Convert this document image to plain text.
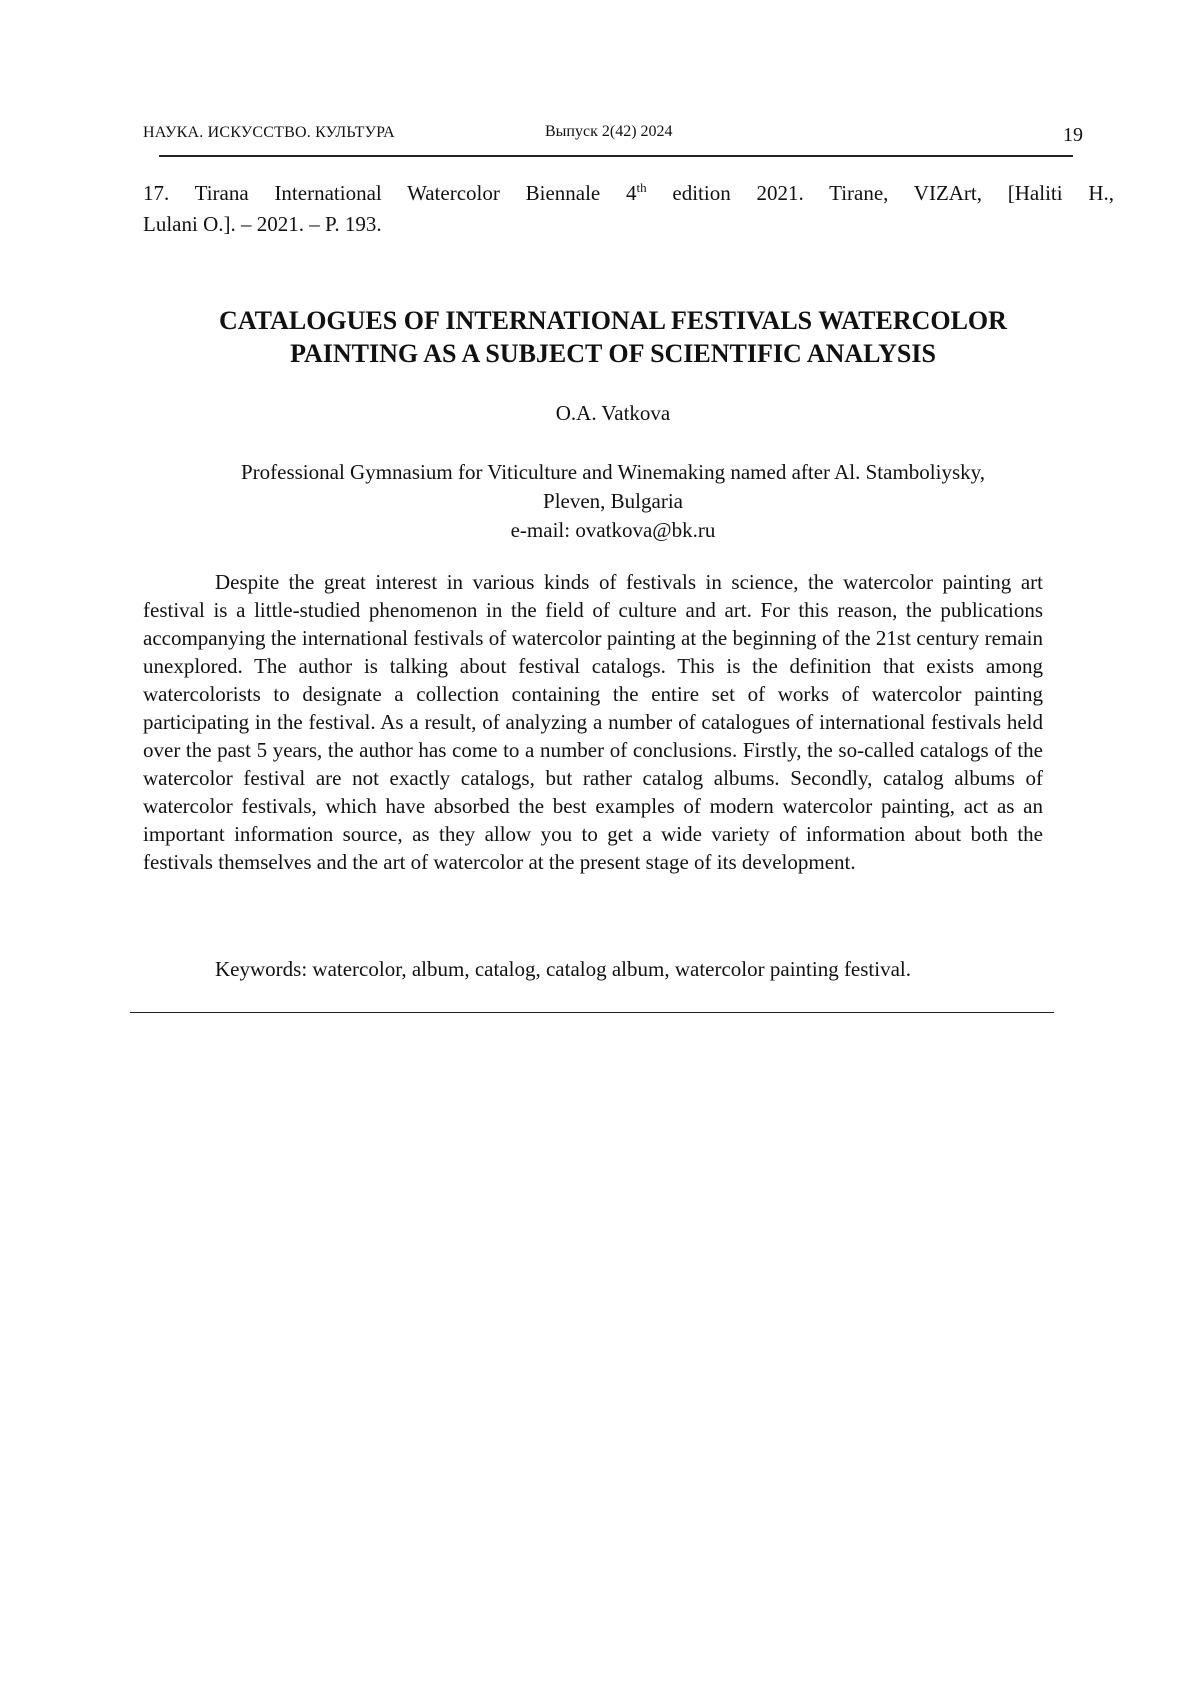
НАУКА. ИСКУССТВО. КУЛЬТУРА	Выпуск 2(42) 2024	19
17. Tirana International Watercolor Biennale 4th edition 2021. Tirane, VIZArt, [Haliti H.,
Lulani O.]. – 2021. – P. 193.
CATALOGUES OF INTERNATIONAL FESTIVALS WATERCOLOR
PAINTING AS A SUBJECT OF SCIENTIFIC ANALYSIS
O.A. Vatkova
Professional Gymnasium for Viticulture and Winemaking named after Al. Stamboliysky,
Pleven, Bulgaria
e-mail: ovatkova@bk.ru

Despite the great interest in various kinds of festivals in science, the watercolor painting art festival is a little-studied phenomenon in the field of culture and art. For this reason, the publications accompanying the international festivals of watercolor painting at the beginning of the 21st century remain unexplored. The author is talking about festival catalogs. This is the definition that exists among watercolorists to designate a collection containing the entire set of works of watercolor painting participating in the festival. As a result, of analyzing a number of catalogues of international festivals held over the past 5 years, the author has come to a number of conclusions. Firstly, the so-called catalogs of the watercolor festival are not exactly catalogs, but rather catalog albums. Secondly, catalog albums of watercolor festivals, which have absorbed the best examples of modern watercolor painting, act as an important information source, as they allow you to get a wide variety of information about both the festivals themselves and the art of watercolor at the present stage of its development.

Keywords: watercolor, album, catalog, catalog album, watercolor painting festival.
